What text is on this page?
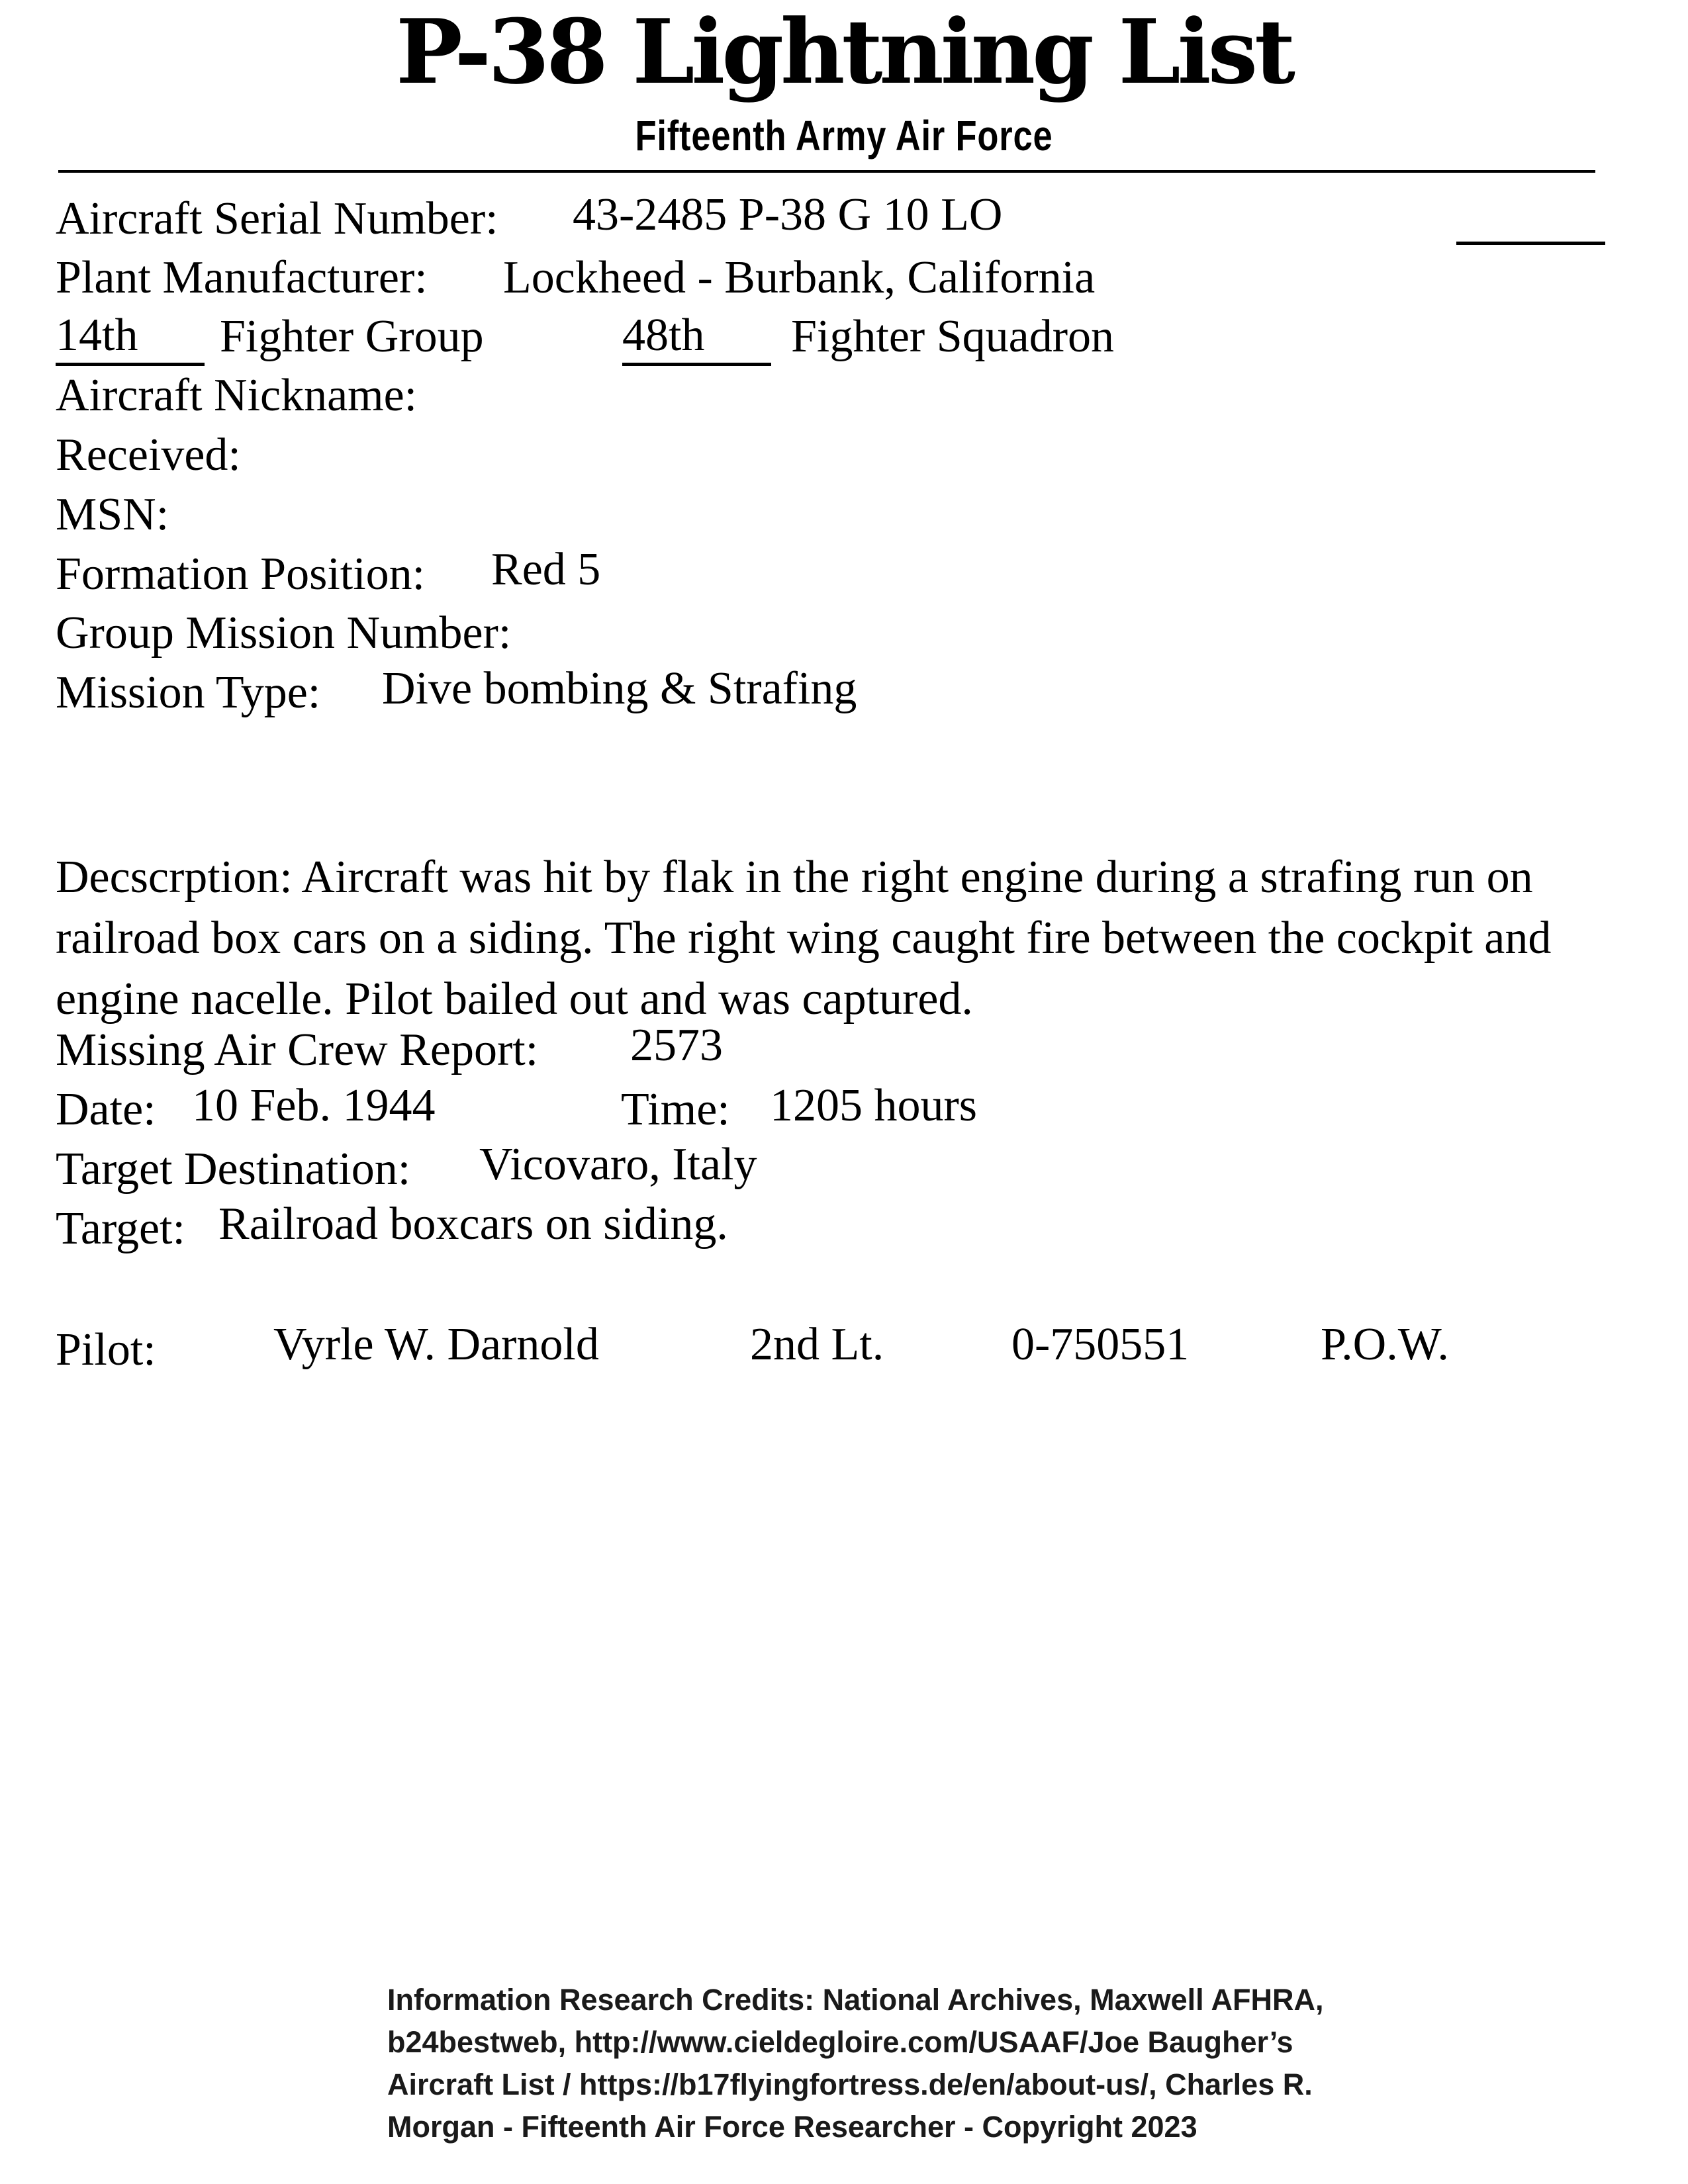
P-38 Lightning List
Fifteenth Army Air Force
Aircraft Serial Number: 43-2485 P-38 G 10 LO
Plant Manufacturer: Lockheed - Burbank, California
14th	Fighter Group	48th	Fighter Squadron
Aircraft Nickname:
Received:
MSN:
Formation Position: Red 5
Group Mission Number:
Mission Type: Dive bombing & Strafing
Decscrption: Aircraft was hit by flak in the right engine during a strafing run on railroad box cars on a siding. The right wing caught fire between the cockpit and engine nacelle. Pilot bailed out and was captured.
Missing Air Crew Report: 2573
Date: 10 Feb. 1944	Time: 1205 hours
Target Destination: Vicovaro, Italy
Target: Railroad boxcars on siding.
Pilot:	Vyrle W. Darnold	2nd Lt.	0-750551	P.O.W.
Information Research Credits: National Archives, Maxwell AFHRA,
b24bestweb, http://www.cieldegloire.com/USAAF/Joe Baugher’s
Aircraft List / https://b17flyingfortress.de/en/about-us/, Charles R.
Morgan - Fifteenth Air Force Researcher - Copyright 2023
